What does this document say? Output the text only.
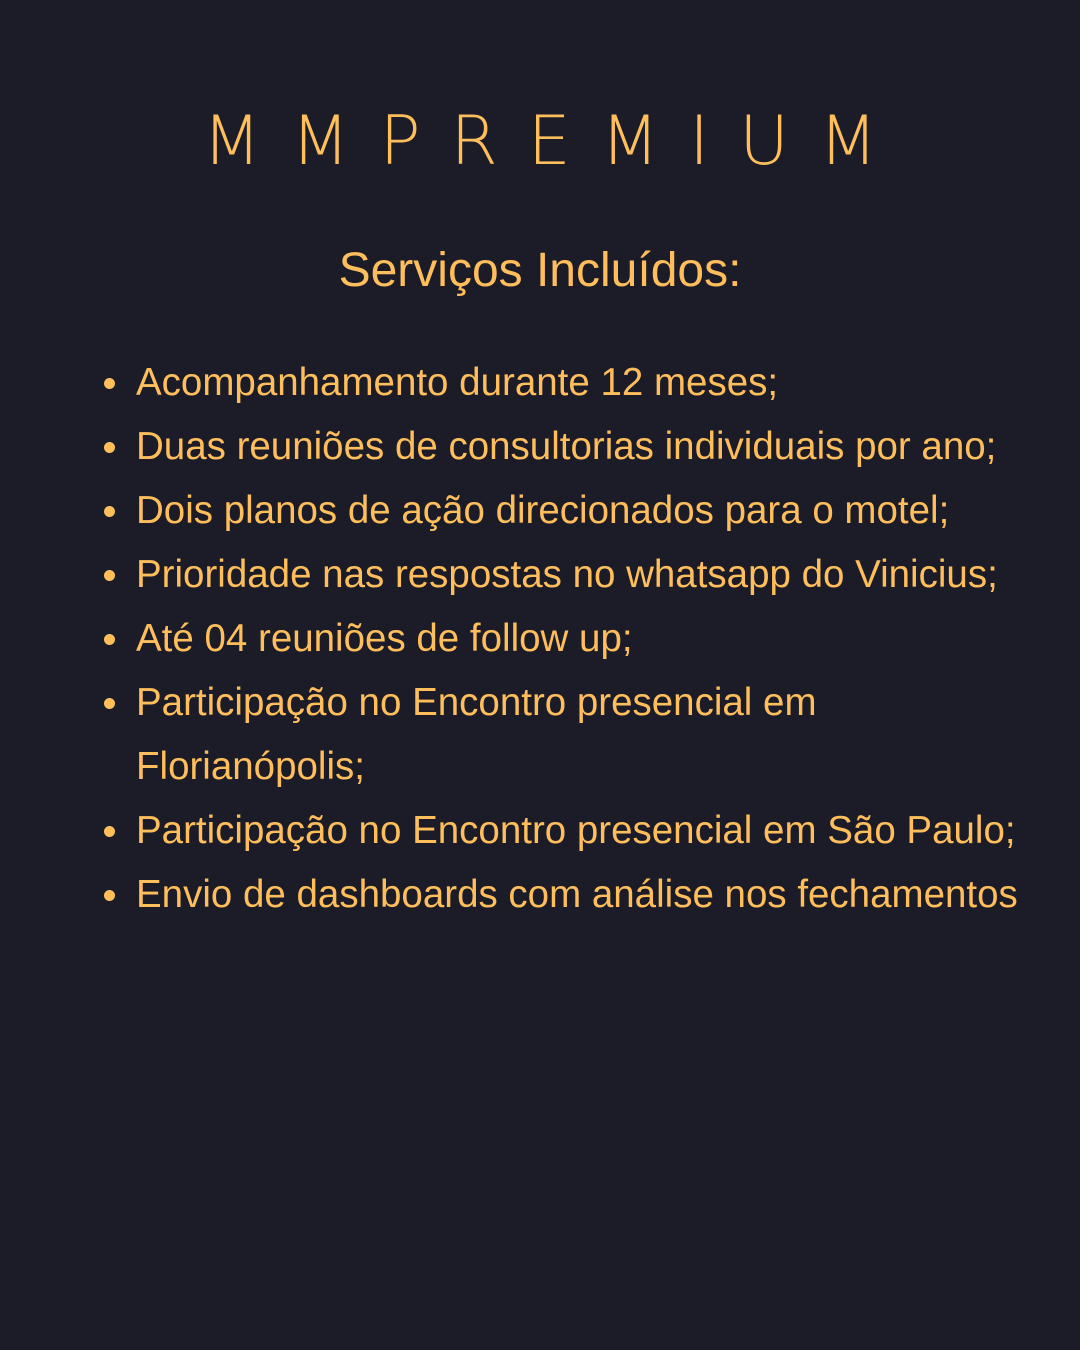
MMPREMIUM
Serviços Incluídos:
Acompanhamento durante 12 meses;
Duas reuniões de consultorias individuais por ano;
Dois planos de ação direcionados para o motel;
Prioridade nas respostas no whatsapp do Vinicius;
Até 04 reuniões de follow up;
Participação no Encontro presencial em Florianópolis;
Participação no Encontro presencial em São Paulo;
Envio de dashboards com análise nos fechamentos
